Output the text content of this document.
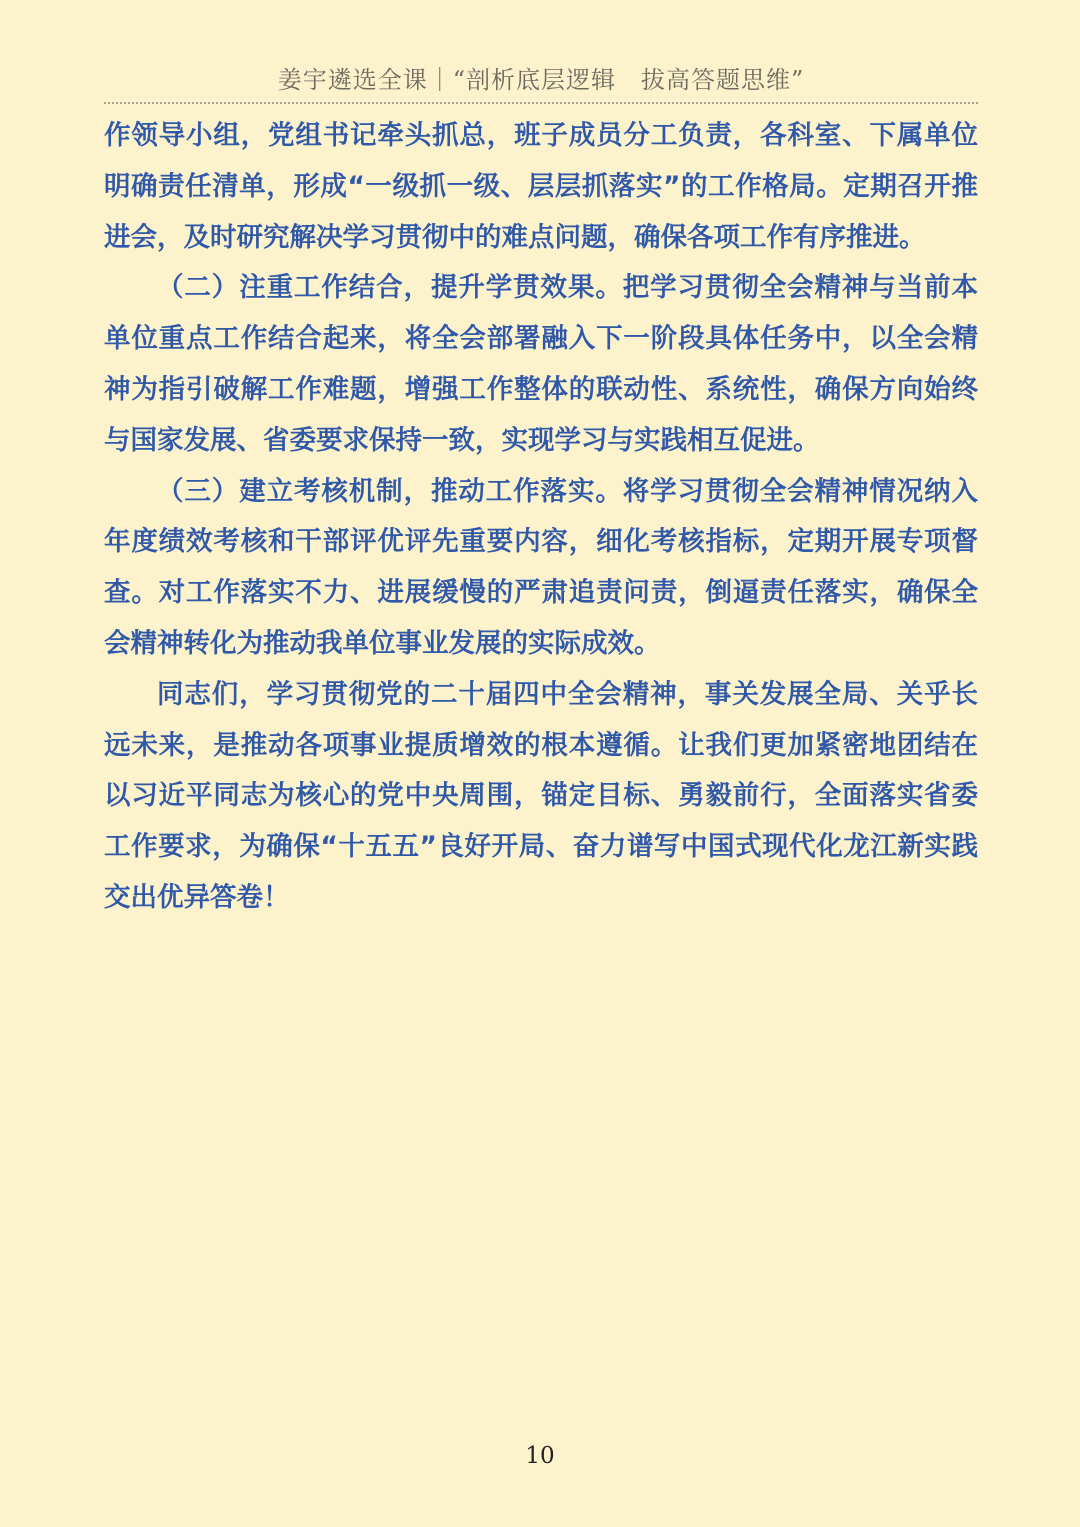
姜宇遴选全课｜“剖析底层逻辑　拔高答题思维”

作领导小组，党组书记牵头抓总，班子成员分工负责，各科室、下属单位明确责任清单，形成“一级抓一级、层层抓落实”的工作格局。定期召开推进会，及时研究解决学习贯彻中的难点问题，确保各项工作有序推进。

（二）注重工作结合，提升学贯效果。把学习贯彻全会精神与当前本单位重点工作结合起来，将全会部署融入下一阶段具体任务中，以全会精神为指引破解工作难题，增强工作整体的联动性、系统性，确保方向始终与国家发展、省委要求保持一致，实现学习与实践相互促进。

（三）建立考核机制，推动工作落实。将学习贯彻全会精神情况纳入年度绩效考核和干部评优评先重要内容，细化考核指标，定期开展专项督查。对工作落实不力、进展缓慢的严肃追责问责，倒逼责任落实，确保全会精神转化为推动我单位事业发展的实际成效。

同志们，学习贯彻党的二十届四中全会精神，事关发展全局、关乎长远未来，是推动各项事业提质增效的根本遵循。让我们更加紧密地团结在以习近平同志为核心的党中央周围，锚定目标、勇毅前行，全面落实省委工作要求，为确保“十五五”良好开局、奋力谱写中国式现代化龙江新实践交出优异答卷！

10
